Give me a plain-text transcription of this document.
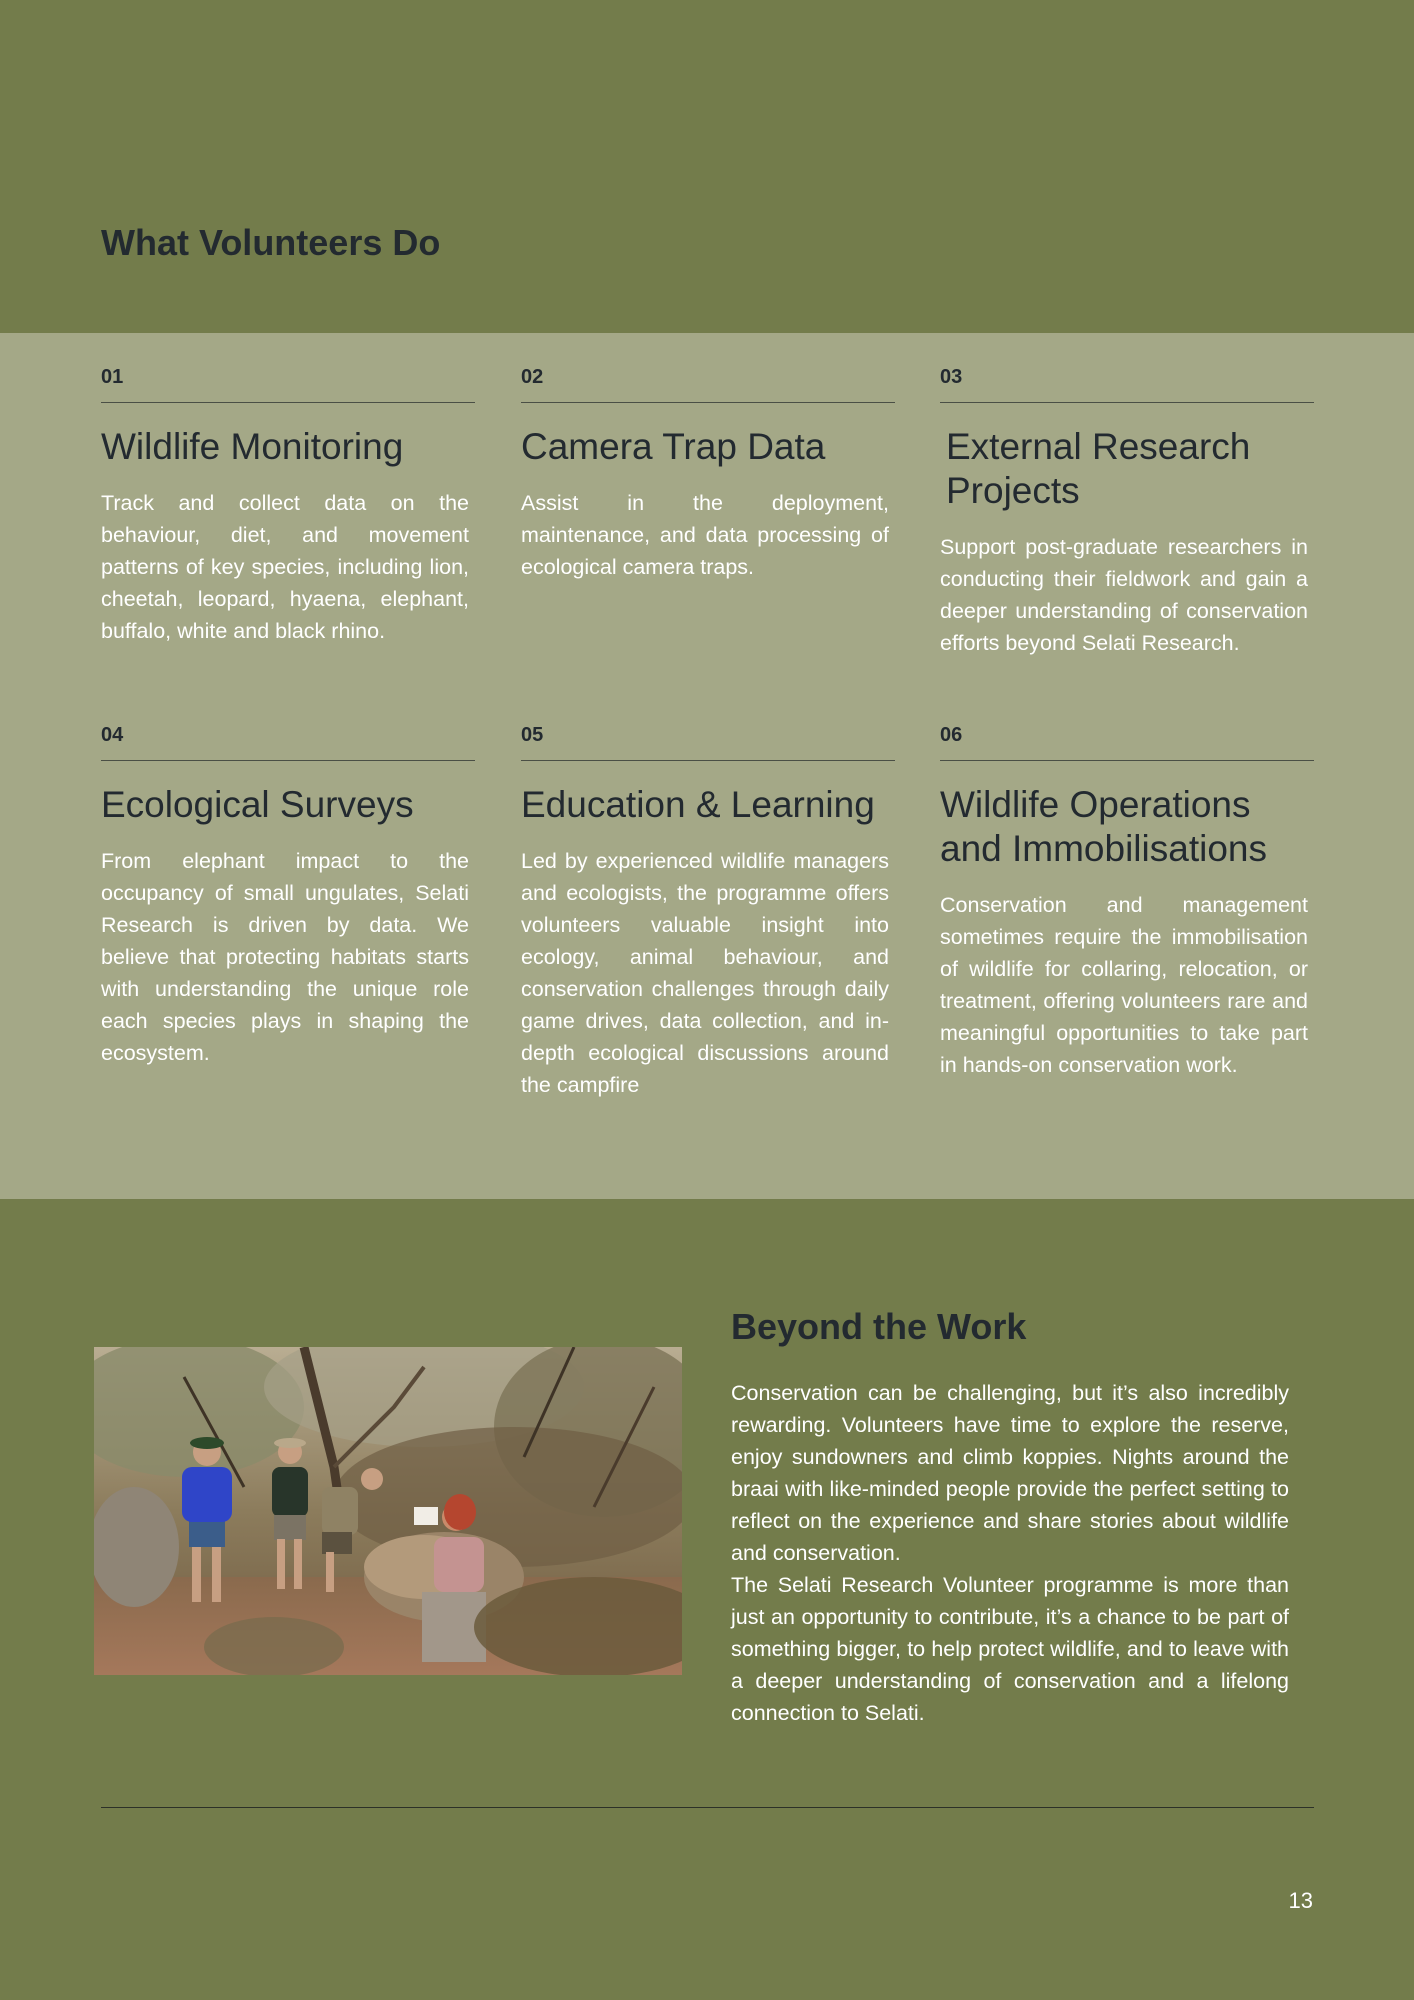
What Volunteers Do
01
Wildlife Monitoring

Track and collect data on the behaviour, diet, and movement patterns of key species, including lion, cheetah, leopard, hyaena, elephant, buffalo, white and black rhino.

02
Camera Trap Data

Assist in the deployment, maintenance, and data processing of ecological camera traps.

03
External Research Projects

Support post-graduate researchers in conducting their fieldwork and gain a deeper understanding of conservation efforts beyond Selati Research.

04
Ecological Surveys

From elephant impact to the occupancy of small ungulates, Selati Research is driven by data. We believe that protecting habitats starts with understanding the unique role each species plays in shaping the ecosystem.

05
Education & Learning

Led by experienced wildlife managers and ecologists, the programme offers volunteers valuable insight into ecology, animal behaviour, and conservation challenges through daily game drives, data collection, and in-depth ecological discussions around the campfire

06
Wildlife Operations and Immobilisations

Conservation and management sometimes require the immobilisation of wildlife for collaring, relocation, or treatment, offering volunteers rare and meaningful opportunities to take part in hands-on conservation work.

Beyond the Work

Conservation can be challenging, but it’s also incredibly rewarding. Volunteers have time to explore the reserve, enjoy sundowners and climb koppies. Nights around the braai with like-minded people provide the perfect setting to reflect on the experience and share stories about wildlife and conservation.

The Selati Research Volunteer programme is more than just an opportunity to contribute, it’s a chance to be part of something bigger, to help protect wildlife, and to leave with a deeper understanding of conservation and a lifelong connection to Selati.

13
